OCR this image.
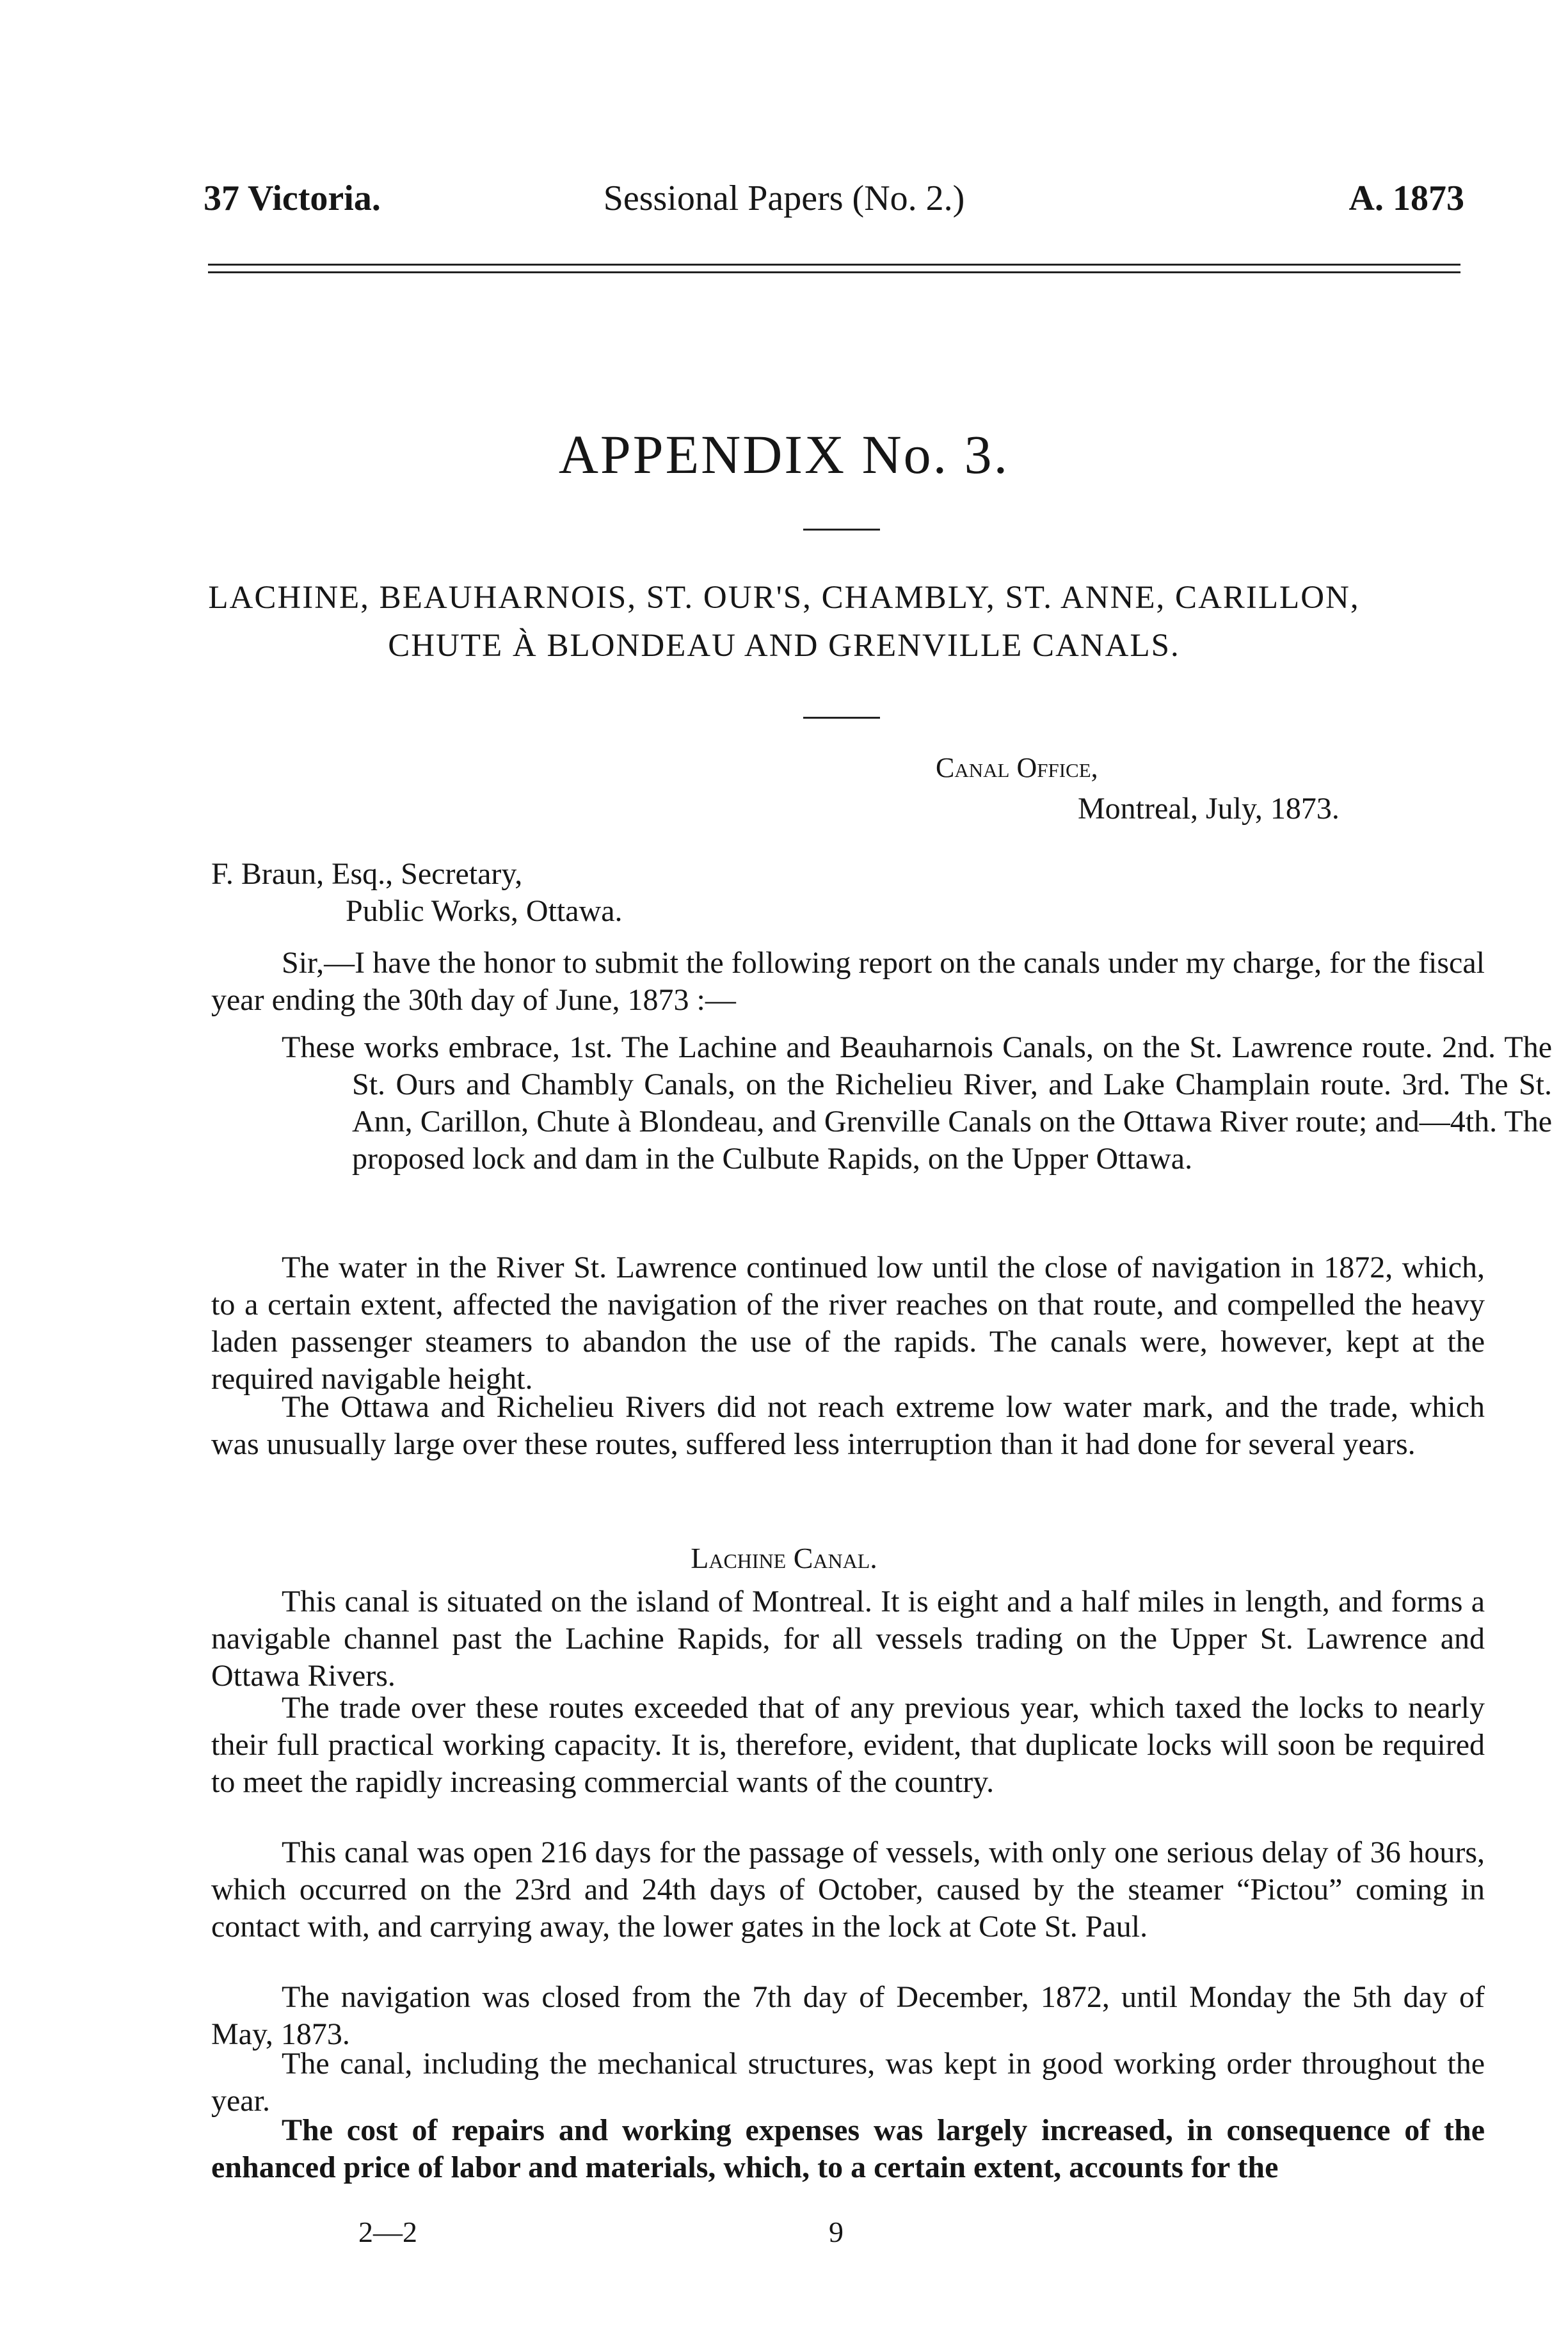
37 Victoria.	Sessional Papers (No. 2.)	A. 1873
APPENDIX No. 3.
LACHINE, BEAUHARNOIS, ST. OUR'S, CHAMBLY, ST. ANNE, CARILLON,
CHUTE À BLONDEAU AND GRENVILLE CANALS.
Canal Office,
Montreal, July, 1873.
F. Braun, Esq., Secretary,
Public Works, Ottawa.

Sir,—I have the honor to submit the following report on the canals under my charge, for the fiscal year ending the 30th day of June, 1873 :—

These works embrace, 1st. The Lachine and Beauharnois Canals, on the St. Lawrence route. 2nd. The St. Ours and Chambly Canals, on the Richelieu River, and Lake Champlain route. 3rd. The St. Ann, Carillon, Chute à Blondeau, and Grenville Canals on the Ottawa River route; and—4th. The proposed lock and dam in the Culbute Rapids, on the Upper Ottawa.

The water in the River St. Lawrence continued low until the close of navigation in 1872, which, to a certain extent, affected the navigation of the river reaches on that route, and compelled the heavy laden passenger steamers to abandon the use of the rapids. The canals were, however, kept at the required navigable height.

The Ottawa and Richelieu Rivers did not reach extreme low water mark, and the trade, which was unusually large over these routes, suffered less interruption than it had done for several years.

Lachine Canal.

This canal is situated on the island of Montreal. It is eight and a half miles in length, and forms a navigable channel past the Lachine Rapids, for all vessels trading on the Upper St. Lawrence and Ottawa Rivers.

The trade over these routes exceeded that of any previous year, which taxed the locks to nearly their full practical working capacity. It is, therefore, evident, that duplicate locks will soon be required to meet the rapidly increasing commercial wants of the country.

This canal was open 216 days for the passage of vessels, with only one serious delay of 36 hours, which occurred on the 23rd and 24th days of October, caused by the steamer “Pictou” coming in contact with, and carrying away, the lower gates in the lock at Cote St. Paul.

The navigation was closed from the 7th day of December, 1872, until Monday the 5th day of May, 1873.

The canal, including the mechanical structures, was kept in good working order throughout the year.

The cost of repairs and working expenses was largely increased, in consequence of the enhanced price of labor and materials, which, to a certain extent, accounts for the

2—2	9
